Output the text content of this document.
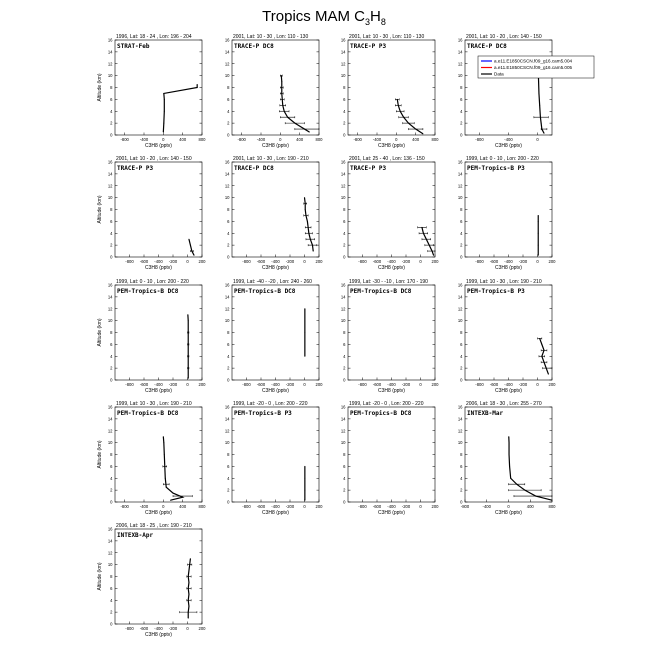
Tropics MAM $C_3H_8$
1996, Lat: 18 - 24 , Lon: 196 - 204
STRAT-Feb
0
2
4
6
8
10
12
14
16
-800	-400	0	400	800
C3H8 (pptv)
Altitude (km)
2001, Lat: 10 - 30 , Lon: 110 - 130
TRACE-P DC8
0
2
4
6
8
10
12
14
16
-800	-400	0	400	800
C3H8 (pptv)
2001, Lat: 10 - 30 , Lon: 110 - 130
TRACE-P P3
0
2
4
6
8
10
12
14
16
-800	-400	0	400	800
C3H8 (pptv)
2001, Lat: 10 - 20 , Lon: 140 - 150
TRACE-P DC8
0
2
4
6
8
10
12
14
16
-800	-400	0
C3H8 (pptv)
a.e11.E1850CSCN.f09_g16.cam5.004
a.e11.E1850CSCN.f09_g16.cam5.005
Data
2001, Lat: 10 - 20 , Lon: 140 - 150
TRACE-P P3
0
2
4
6
8
10
12
14
16
-800 -600 -400 -200 0 200
C3H8 (pptv)
Altitude (km)
2001, Lat: 10 - 30 , Lon: 190 - 210
TRACE-P DC8
0
2
4
6
8
10
12
14
16
-800 -600 -400 -200 0 200
C3H8 (pptv)
2001, Lat: 25 - 40 , Lon: 136 - 150
TRACE-P P3
0
2
4
6
8
10
12
14
16
-800 -600 -400 -200 0 200
C3H8 (pptv)
1999, Lat: 0 - 10 , Lon: 200 - 220
PEM-Tropics-B P3
0
2
4
6
8
10
12
14
16
-800 -600 -400 -200 0 200
C3H8 (pptv)
1999, Lat: 0 - 10 , Lon: 200 - 220
PEM-Tropics-B DC8
0
2
4
6
8
10
12
14
16
-800 -600 -400 -200 0 200
C3H8 (pptv)
Altitude (km)
1999, Lat: -40 - -20 , Lon: 240 - 260
PEM-Tropics-B DC8
0
2
4
6
8
10
12
14
16
-800 -600 -400 -200 0 200
C3H8 (pptv)
1999, Lat: -30 - -10 , Lon: 170 - 190
PEM-Tropics-B DC8
0
2
4
6
8
10
12
14
16
-800 -600 -400 -200 0 200
C3H8 (pptv)
1999, Lat: 10 - 30 , Lon: 190 - 210
PEM-Tropics-B P3
0
2
4
6
8
10
12
14
16
-800 -600 -400 -200 0 200
C3H8 (pptv)
1999, Lat: 10 - 30 , Lon: 190 - 210
PEM-Tropics-B DC8
0
2
4
6
8
10
12
14
16
-800	-400	0	400	800
C3H8 (pptv)
Altitude (km)
1999, Lat: -20 - 0 , Lon: 200 - 220
PEM-Tropics-B P3
0
2
4
6
8
10
12
14
16
-800 -600 -400 -200 0 200
C3H8 (pptv)
1999, Lat: -20 - 0 , Lon: 200 - 220
PEM-Tropics-B DC8
0
2
4
6
8
10
12
14
16
-800 -600 -400 -200 0 200
C3H8 (pptv)
2006, Lat: 18 - 30 , Lon: 255 - 270
INTEXB-Mar
0
2
4
6
8
10
12
14
16
-800	-400	0	400	800
C3H8 (pptv)
2006, Lat: 18 - 25 , Lon: 190 - 210
INTEXB-Apr
0
2
4
6
8
10
12
14
16
-800 -600 -400 -200 0 200
C3H8 (pptv)
Altitude (km)
